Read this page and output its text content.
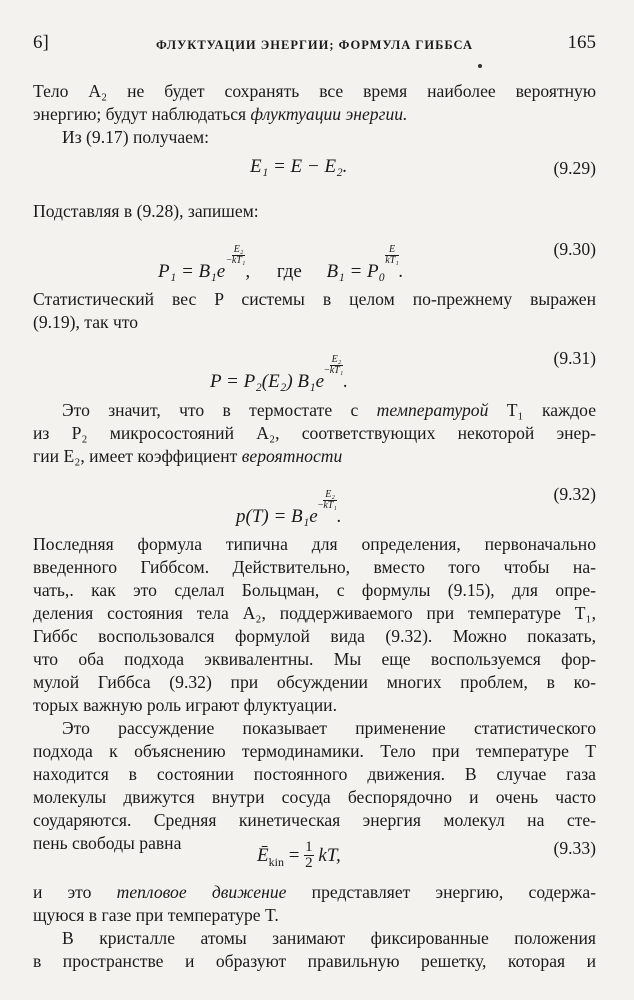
6]	ФЛУКТУАЦИИ ЭНЕРГИИ; ФОРМУЛА ГИББСА	165
Тело A₂ не будет сохранять все время наиболее вероятную
энергию; будут наблюдаться флуктуации энергии.
Из (9.17) получаем:
E₁ = E − E₂.	(9.29)
Подставляя в (9.28), запишем:
$P_1 = B_1e- \frac{\text{E₂}}{\text{kT₁}}$
, где B₁ = P₀
$\frac{E}{\text{kT₁}}$
.
(9.30)
Статистический вес P системы в целом по-прежнему выражен
(9.19), так что
P = P₂(E₂) $B_1e- \frac{\text{E₂}}{\text{kT₁}}$
.
(9.31)
Это значит, что в термостате с температурой T₁ каждое
из P₂ микросостояний A₂, соответствующих некоторой энер-
гии E₂, имеет коэффициент вероятности
$p(T) = B_1e- \frac{\text{E₂}}{\text{kT₁}}$
.
(9.32)
Последняя формула типична для определения, первоначально
введенного Гиббсом. Действительно, вместо того чтобы на-
чать,. как это сделал Больцман, с формулы (9.15), для опре-
деления состояния тела A₂, поддерживаемого при температуре T₁,
Гиббс воспользовался формулой вида (9.32). Можно показать,
что оба подхода эквивалентны. Мы еще воспользуемся фор-
мулой Гиббса (9.32) при обсуждении многих проблем, в ко-
торых важную роль играют флуктуации.
Это рассуждение показывает применение статистического
подхода к объяснению термодинамики. Тело при температуре T
находится в состоянии постоянного движения. В случае газа
молекулы движутся внутри сосуда беспорядочно и очень часто
соударяются. Средняя кинетическая энергия молекул на сте-
пень свободы равна
$Ē_{kin} = \frac{1}{2}$ kT,	(9.33)
и это тепловое движение представляет энергию, содержа-
щуюся в газе при температуре T.
В кристалле атомы занимают фиксированные положения
в пространстве и образуют правильную решетку, которая и
